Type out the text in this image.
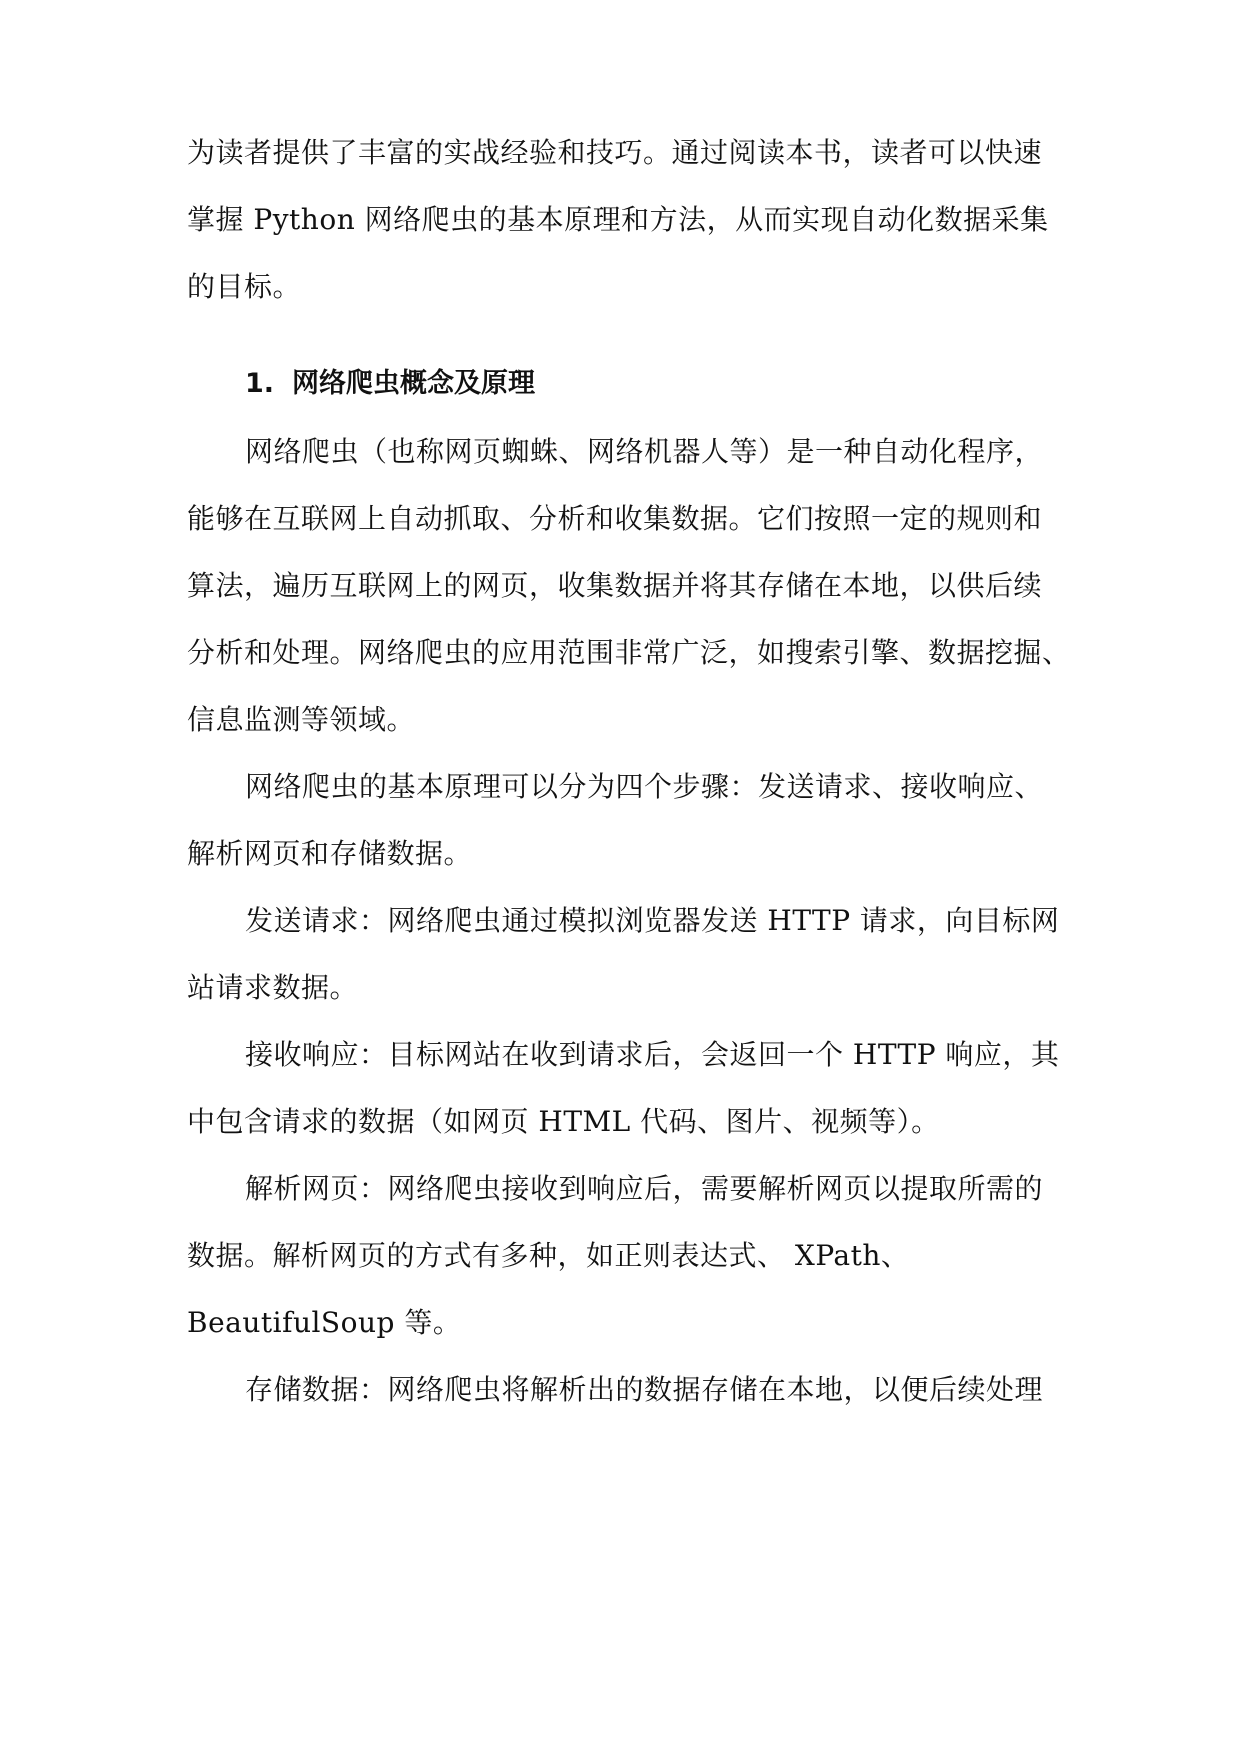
为读者提供了丰富的实战经验和技巧。通过阅读本书，读者可以快速
掌握 Python 网络爬虫的基本原理和方法，从而实现自动化数据采集
的目标。
1. 网络爬虫概念及原理
网络爬虫（也称网页蜘蛛、网络机器人等）是一种自动化程序，
能够在互联网上自动抓取、分析和收集数据。它们按照一定的规则和
算法，遍历互联网上的网页，收集数据并将其存储在本地，以供后续
分析和处理。网络爬虫的应用范围非常广泛，如搜索引擎、数据挖掘、
信息监测等领域。
网络爬虫的基本原理可以分为四个步骤：发送请求、接收响应、
解析网页和存储数据。
发送请求：网络爬虫通过模拟浏览器发送 HTTP 请求，向目标网
站请求数据。
接收响应：目标网站在收到请求后，会返回一个 HTTP 响应，其
中包含请求的数据（如网页 HTML 代码、图片、视频等）。
解析网页：网络爬虫接收到响应后，需要解析网页以提取所需的
数据。解析网页的方式有多种，如正则表达式、 XPath、
BeautifulSoup 等。
存储数据：网络爬虫将解析出的数据存储在本地，以便后续处理
